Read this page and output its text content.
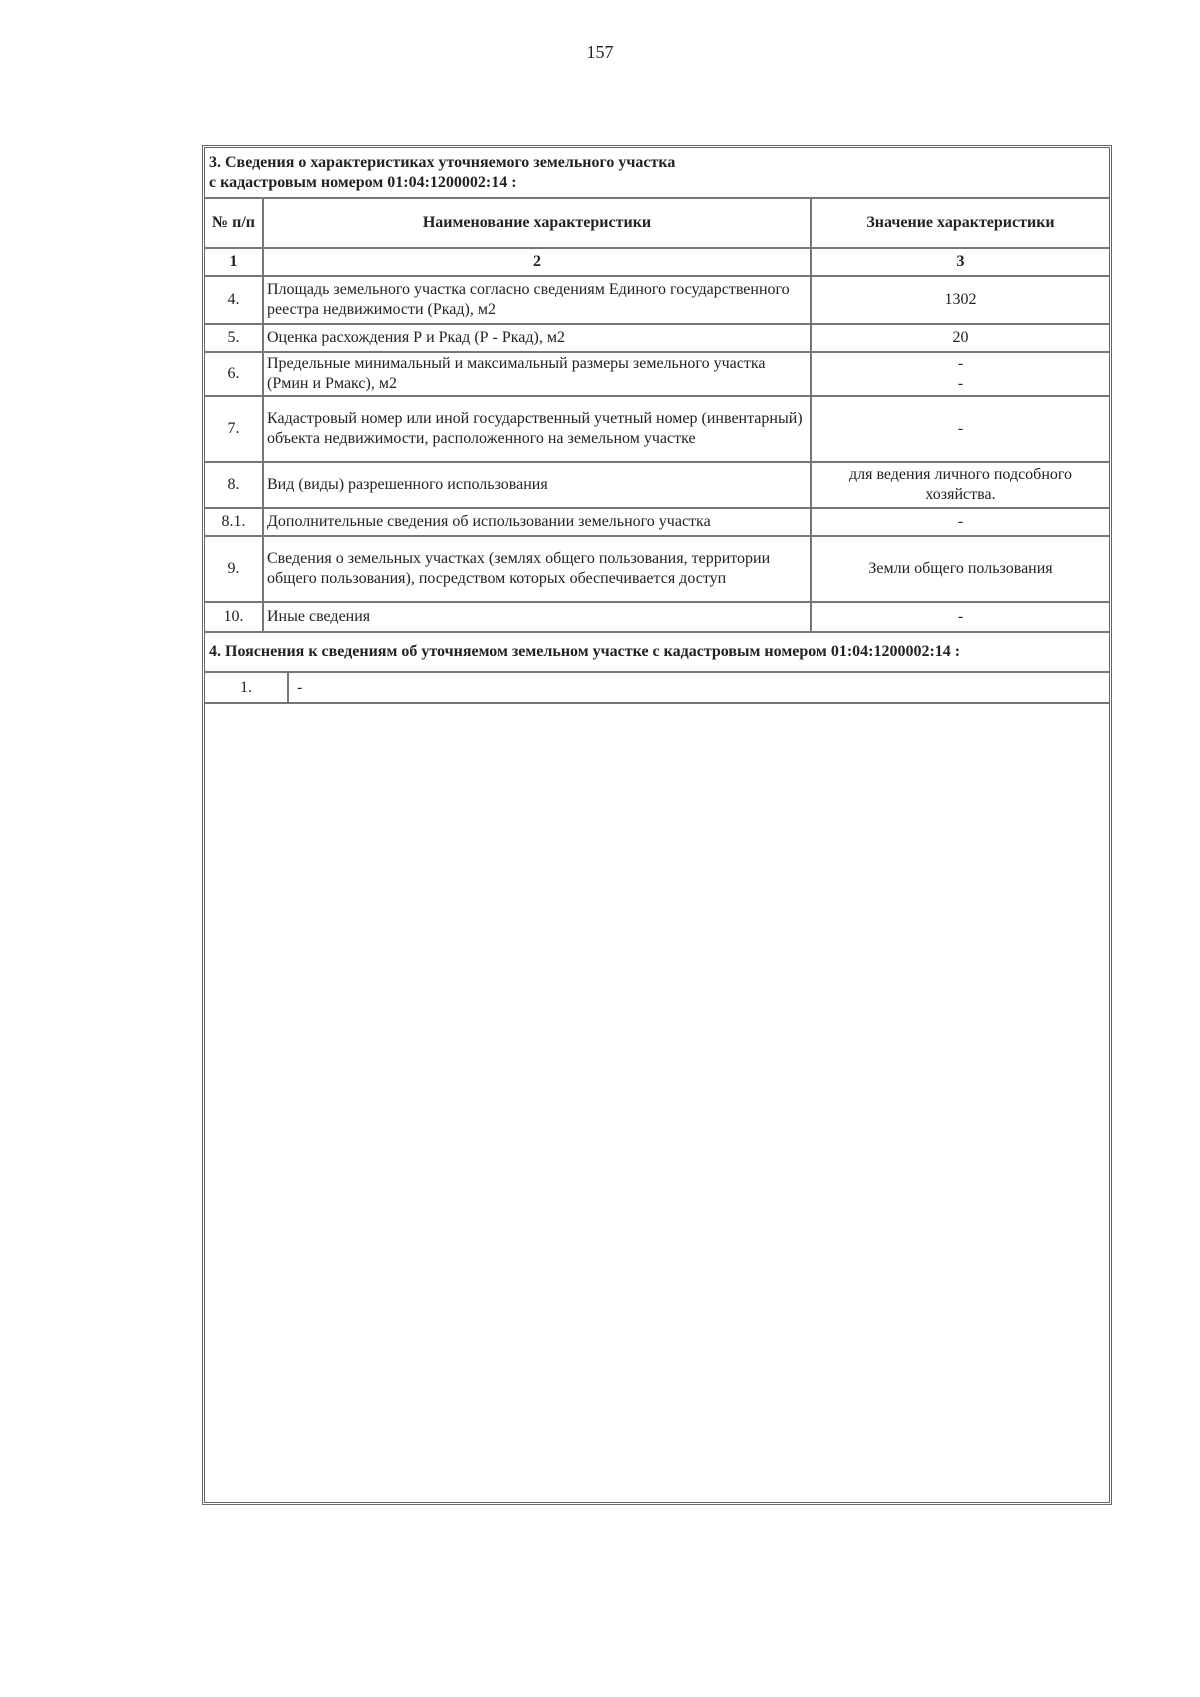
157
3. Сведения о характеристиках уточняемого земельного участка
с кадастровым номером 01:04:1200002:14 :		

№ п/п	Наименование характеристики	Значение характеристики
1	2	3
4.	Площадь земельного участка согласно сведениям Единого государственного реестра недвижимости (Ркад), м2	1302
5.	Оценка расхождения Р и Ркад (Р - Ркад), м2	20
6.	Предельные минимальный и максимальный размеры земельного участка (Рмин и Рмакс), м2	-
-

7.	Кадастровый номер или иной государственный учетный номер (инвентарный) объекта недвижимости, расположенного на земельном участке	-
8.	Вид (виды) разрешенного использования	для ведения личного подсобного хозяйства.
8.1.	Дополнительные сведения об использовании земельного участка	-
9.	Сведения о земельных участках (землях общего пользования, территории общего пользования), посредством которых обеспечивается доступ	Земли общего пользования
10.	Иные сведения	-
4. Пояснения к сведениям об уточняемом земельном участке с кадастровым номером 01:04:1200002:14 :		
1.	-
